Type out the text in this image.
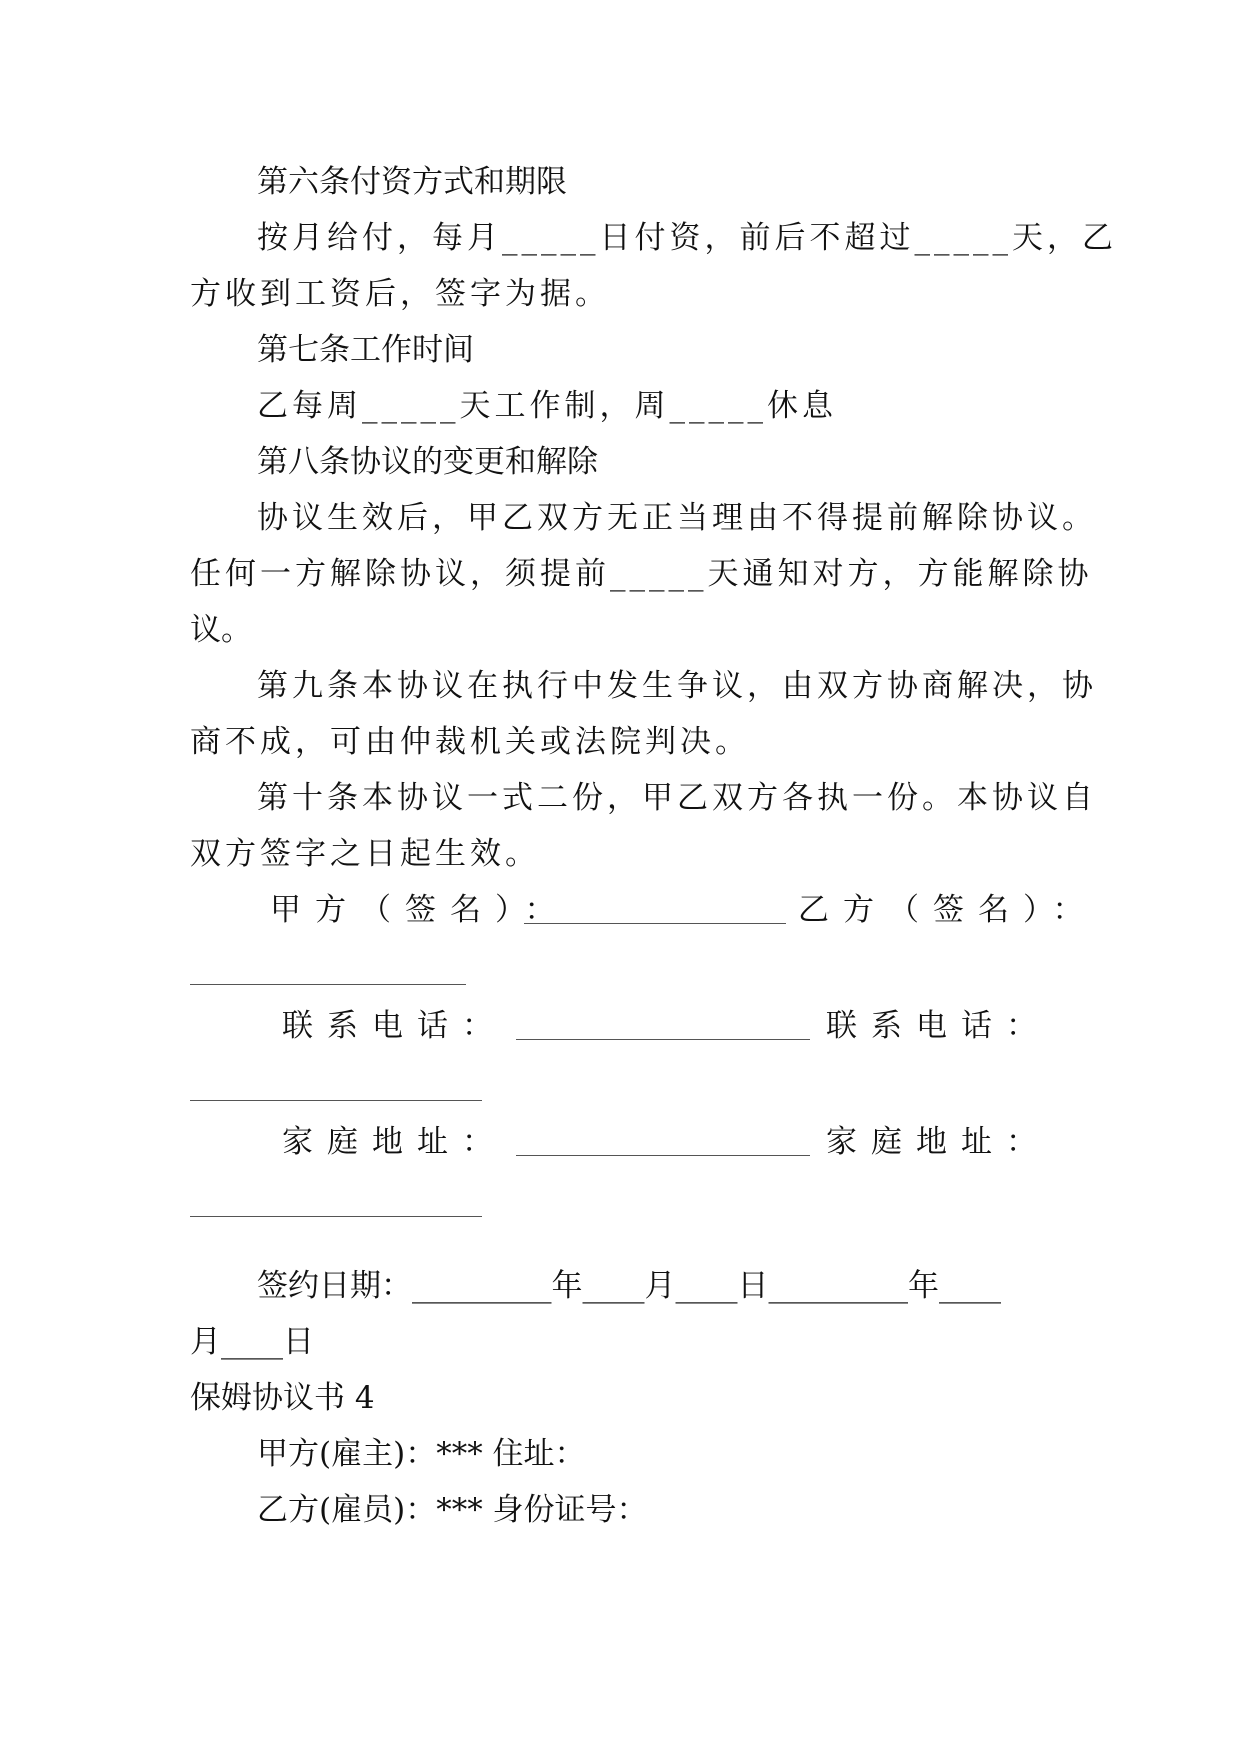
第六条付资方式和期限
按月给付，每月_____日付资，前后不超过_____天，乙
方收到工资后，签字为据。
第七条工作时间
乙每周_____天工作制，周_____休息
第八条协议的变更和解除
协议生效后，甲乙双方无正当理由不得提前解除协议。
任何一方解除协议，须提前_____天通知对方，方能解除协
议。
第九条本协议在执行中发生争议，由双方协商解决，协
商不成，可由仲裁机关或法院判决。
第十条本协议一式二份，甲乙双方各执一份。本协议自
双方签字之日起生效。
甲方（签名）：	乙方（签名）：
联系电话：	联系电话：
家庭地址：	家庭地址：
签约日期：_________年____月____日_________年____
月____日
保姆协议书 4
甲方(雇主)：*** 住址：
乙方(雇员)：*** 身份证号：
